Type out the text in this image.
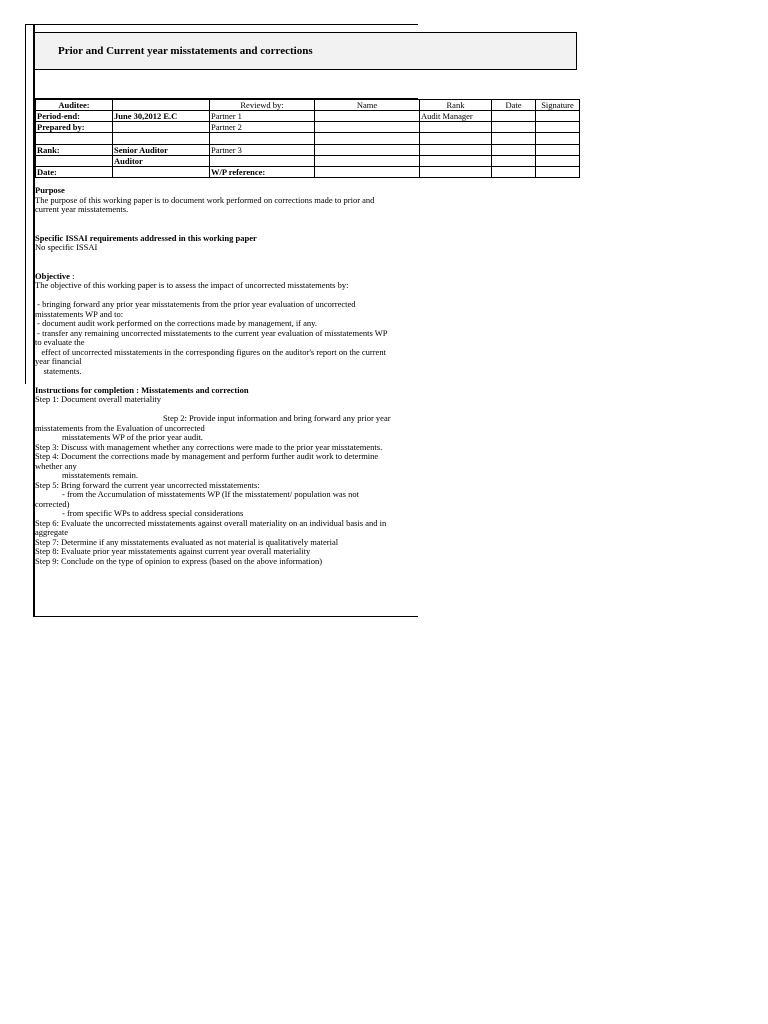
Prior and Current year misstatements and corrections
Auditee:		Reviewd by:	Name	Rank	Date	Signature
Period-end:	June 30,2012 E.C	Partner 1		Audit Manager		
Prepared by:		Partner 2				

Rank:	Senior Auditor	Partner 3				
	Auditor					
Date:		W/P reference:				
Purpose
The purpose of this working paper is to document work performed on corrections made to prior and
current year misstatements.
Specific ISSAI requirements addressed in this working paper
No specific ISSAI
Objective :
The objective of this working paper is to assess the impact of uncorrected misstatements by:
- bringing forward any prior year misstatements from the prior year evaluation of uncorrected
misstatements WP and to:
- document audit work performed on the corrections made by management, if any.
- transfer any remaining uncorrected misstatements to the current year evaluation of misstatements WP
to evaluate the
effect of uncorrected misstatements in the corresponding figures on the auditor's report on the current
year financial
statements.
Instructions for completion : Misstatements and correction
Step 1: Document overall materiality
Step 2: Provide input information and bring forward any prior year
misstatements from the Evaluation of uncorrected
misstatements WP of the prior year audit.
Step 3: Discuss with management whether any corrections were made to the prior year misstatements.
Step 4: Document the corrections made by management and perform further audit work to determine
whether any
misstatements remain.
Step 5: Bring forward the current year uncorrected misstatements:
- from the Accumulation of misstatements WP (If the misstatement/ population was not
corrected)
- from specific WPs to address special considerations
Step 6: Evaluate the uncorrected misstatements against overall materiality on an individual basis and in
aggregate
Step 7: Determine if any misstatements evaluated as not material is qualitatively material
Step 8: Evaluate prior year misstatements against current year overall materiality
Step 9: Conclude on the type of opinion to express (based on the above information)
